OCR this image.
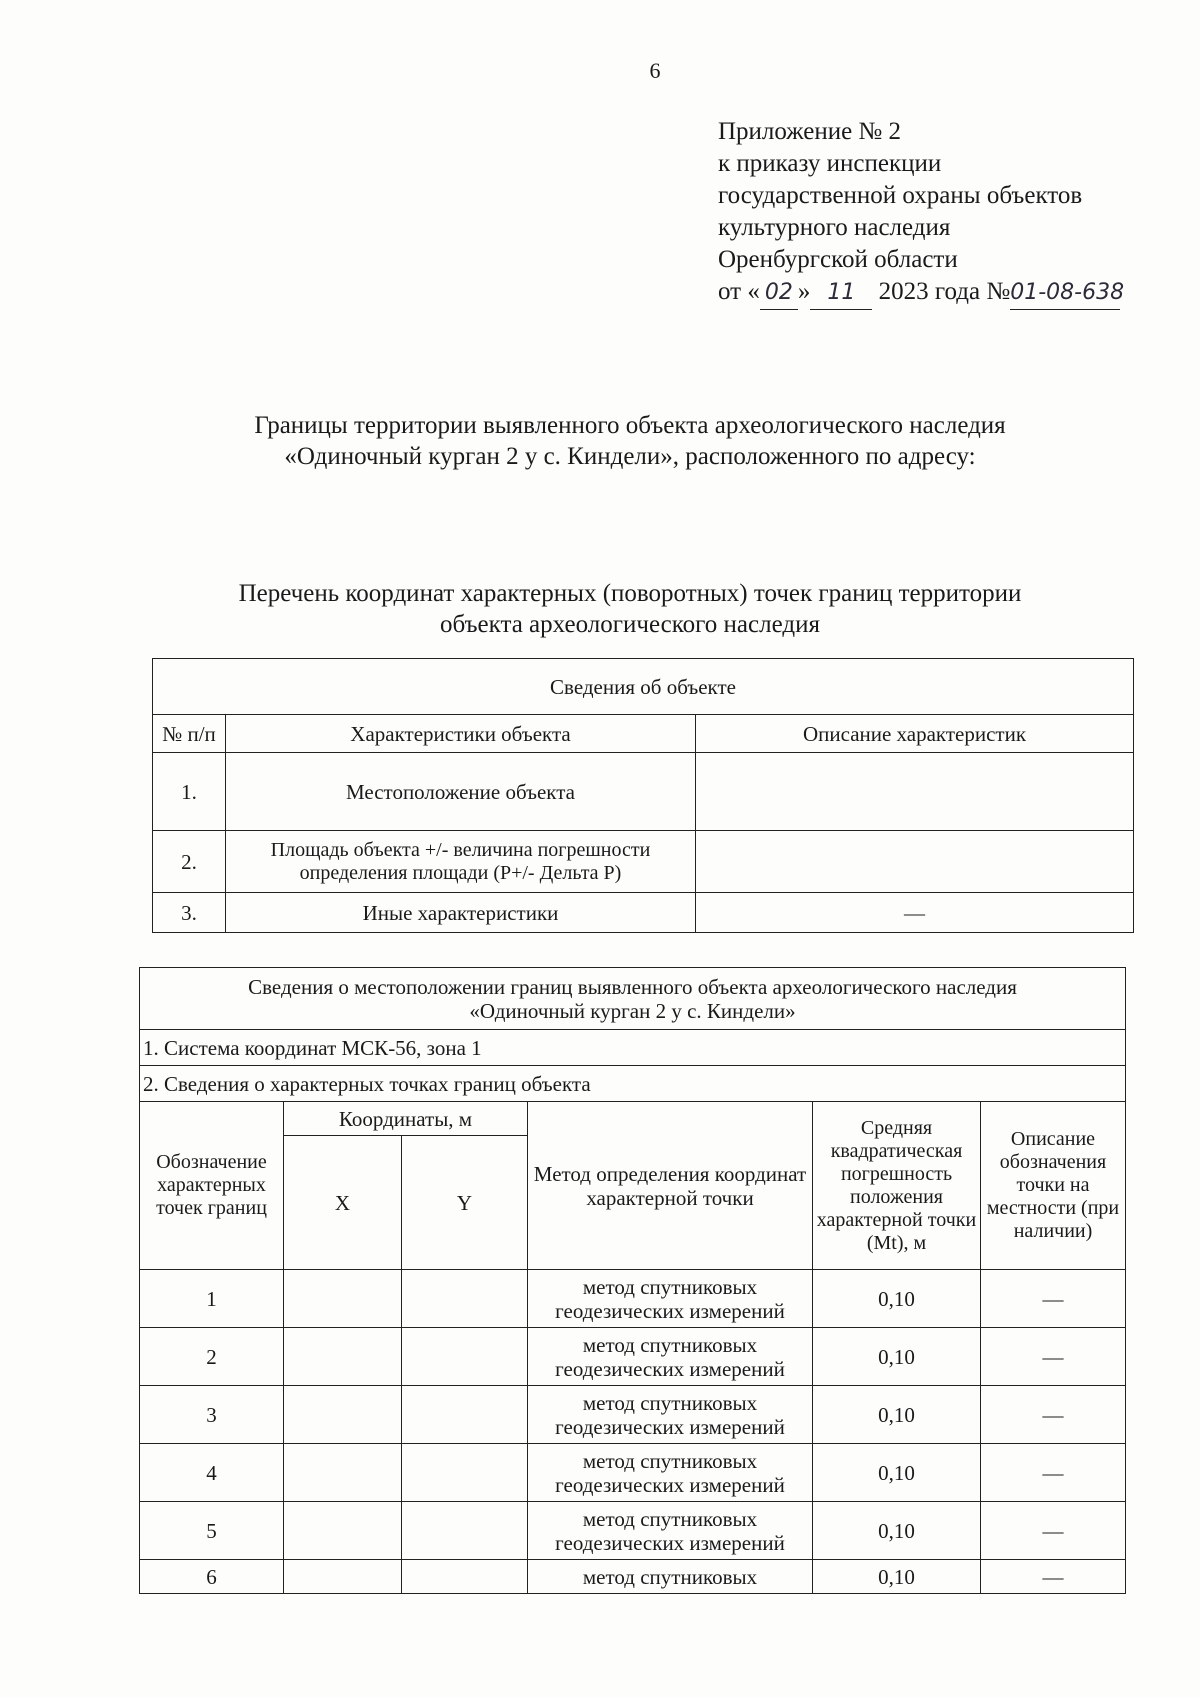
6
Приложение № 2
к приказу инспекции
государственной охраны объектов
культурного наследия
Оренбургской области
от « 02 » 11 2023 года №01-08-638
Границы территории выявленного объекта археологического наследия
«Одиночный курган 2 у с. Киндели», расположенного по адресу:
Перечень координат характерных (поворотных) точек границ территории
объекта археологического наследия
Сведения об объекте		
№ п/п	Характеристики объекта	Описание характеристик
1.	Местоположение объекта	
2.	Площадь объекта +/- величина погрешности определения площади (P+/- Дельта P)	
3.	Иные характеристики	—
Сведения о местоположении границ выявленного объекта археологического наследия
«Одиночный курган 2 у с. Киндели»					

1. Система координат МСК-56, зона 1					
2. Сведения о характерных точках границ объекта					
Обозначение характерных точек границ	Координаты, м		Метод определения координат характерной точки	Средняя квадратическая погрешность положения характерной точки (Mt), м	Описание обозначения точки на местности (при наличии)
	X	Y			
1			метод спутниковых геодезических измерений	0,10	—
2			метод спутниковых геодезических измерений	0,10	—
3			метод спутниковых геодезических измерений	0,10	—
4			метод спутниковых геодезических измерений	0,10	—
5			метод спутниковых геодезических измерений	0,10	—
6			метод спутниковых	0,10	—
